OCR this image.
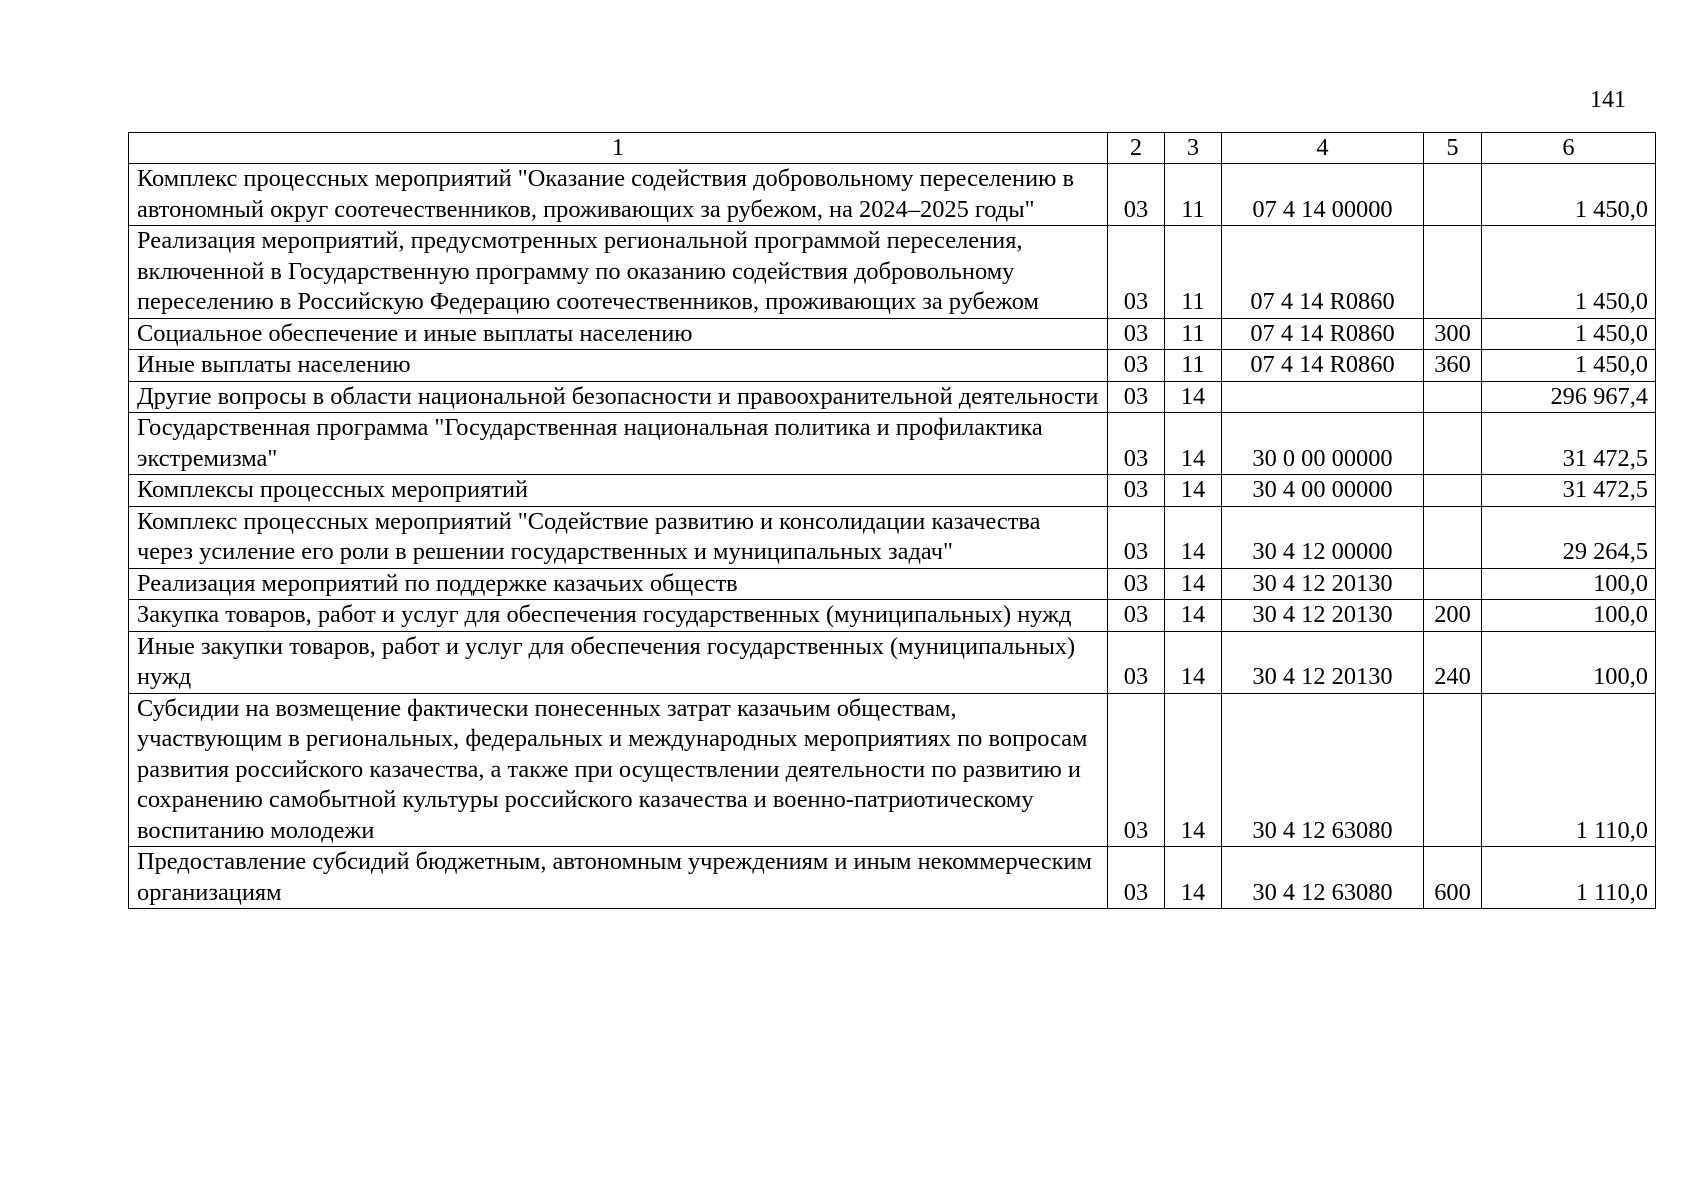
141
1	2	3	4	5	6
Комплекс процессных мероприятий "Оказание содействия добровольному переселению в автономный округ соотечественников, проживающих за рубежом, на 2024–2025 годы"	03	11	07 4 14 00000		1 450,0
Реализация мероприятий, предусмотренных региональной программой переселения, включенной в Государственную программу по оказанию содействия добровольному переселению в Российскую Федерацию соотечественников, проживающих за рубежом	03	11	07 4 14 R0860		1 450,0
Социальное обеспечение и иные выплаты населению	03	11	07 4 14 R0860	300	1 450,0
Иные выплаты населению	03	11	07 4 14 R0860	360	1 450,0
Другие вопросы в области национальной безопасности и правоохранительной деятельности	03	14			296 967,4
Государственная программа "Государственная национальная политика и профилактика экстремизма"	03	14	30 0 00 00000		31 472,5
Комплексы процессных мероприятий	03	14	30 4 00 00000		31 472,5
Комплекс процессных мероприятий "Содействие развитию и консолидации казачества через усиление его роли в решении государственных и муниципальных задач"	03	14	30 4 12 00000		29 264,5
Реализация мероприятий по поддержке казачьих обществ	03	14	30 4 12 20130		100,0
Закупка товаров, работ и услуг для обеспечения государственных (муниципальных) нужд	03	14	30 4 12 20130	200	100,0
Иные закупки товаров, работ и услуг для обеспечения государственных (муниципальных) нужд	03	14	30 4 12 20130	240	100,0
Субсидии на возмещение фактически понесенных затрат казачьим обществам, участвующим в региональных, федеральных и международных мероприятиях по вопросам развития российского казачества, а также при осуществлении деятельности по развитию и сохранению самобытной культуры российского казачества и военно-патриотическому воспитанию молодежи	03	14	30 4 12 63080		1 110,0
Предоставление субсидий бюджетным, автономным учреждениям и иным некоммерческим организациям	03	14	30 4 12 63080	600	1 110,0
